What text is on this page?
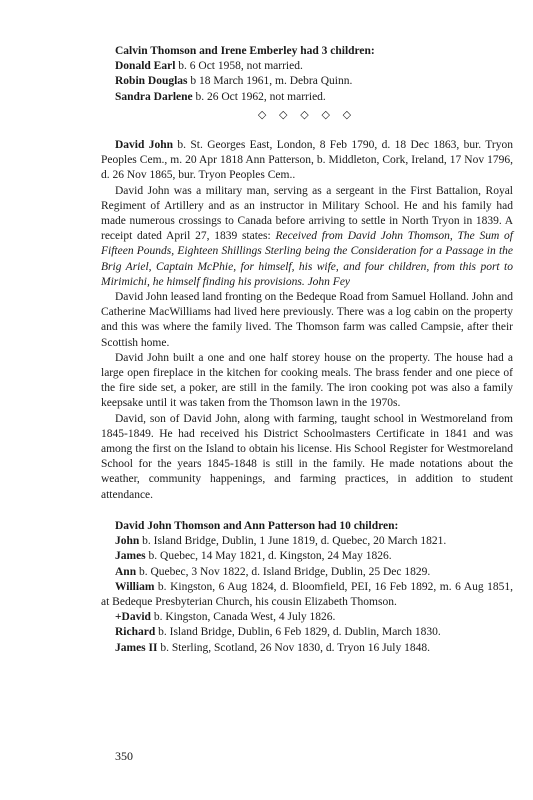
Calvin Thomson and Irene Emberley had 3 children:

Donald Earl b. 6 Oct 1958, not married.

Robin Douglas b 18 March 1961, m. Debra Quinn.

Sandra Darlene b. 26 Oct 1962, not married.

◇ ◇ ◇ ◇ ◇

David John b. St. Georges East, London, 8 Feb 1790, d. 18 Dec 1863, bur. Tryon Peoples Cem., m. 20 Apr 1818 Ann Patterson, b. Middleton, Cork, Ireland, 17 Nov 1796, d. 26 Nov 1865, bur. Tryon Peoples Cem..

David John was a military man, serving as a sergeant in the First Battalion, Royal Regiment of Artillery and as an instructor in Military School. He and his family had made numerous crossings to Canada before arriving to settle in North Tryon in 1839. A receipt dated April 27, 1839 states: Received from David John Thomson, The Sum of Fifteen Pounds, Eighteen Shillings Sterling being the Consideration for a Passage in the Brig Ariel, Captain McPhie, for himself, his wife, and four children, from this port to Mirimichi, he himself finding his provisions. John Fey

David John leased land fronting on the Bedeque Road from Samuel Holland. John and Catherine MacWilliams had lived here previously. There was a log cabin on the property and this was where the family lived. The Thomson farm was called Campsie, after their Scottish home.

David John built a one and one half storey house on the property. The house had a large open fireplace in the kitchen for cooking meals. The brass fender and one piece of the fire side set, a poker, are still in the family. The iron cooking pot was also a family keepsake until it was taken from the Thomson lawn in the 1970s.

David, son of David John, along with farming, taught school in Westmoreland from 1845-1849. He had received his District Schoolmasters Certificate in 1841 and was among the first on the Island to obtain his license. His School Register for Westmoreland School for the years 1845-1848 is still in the family. He made notations about the weather, community happenings, and farming practices, in addition to student attendance.

David John Thomson and Ann Patterson had 10 children:

John b. Island Bridge, Dublin, 1 June 1819, d. Quebec, 20 March 1821.

James b. Quebec, 14 May 1821, d. Kingston, 24 May 1826.

Ann b. Quebec, 3 Nov 1822, d. Island Bridge, Dublin, 25 Dec 1829.

William b. Kingston, 6 Aug 1824, d. Bloomfield, PEI, 16 Feb 1892, m. 6 Aug 1851, at Bedeque Presbyterian Church, his cousin Elizabeth Thomson.

+David b. Kingston, Canada West, 4 July 1826.

Richard b. Island Bridge, Dublin, 6 Feb 1829, d. Dublin, March 1830.

James II b. Sterling, Scotland, 26 Nov 1830, d. Tryon 16 July 1848.

350
